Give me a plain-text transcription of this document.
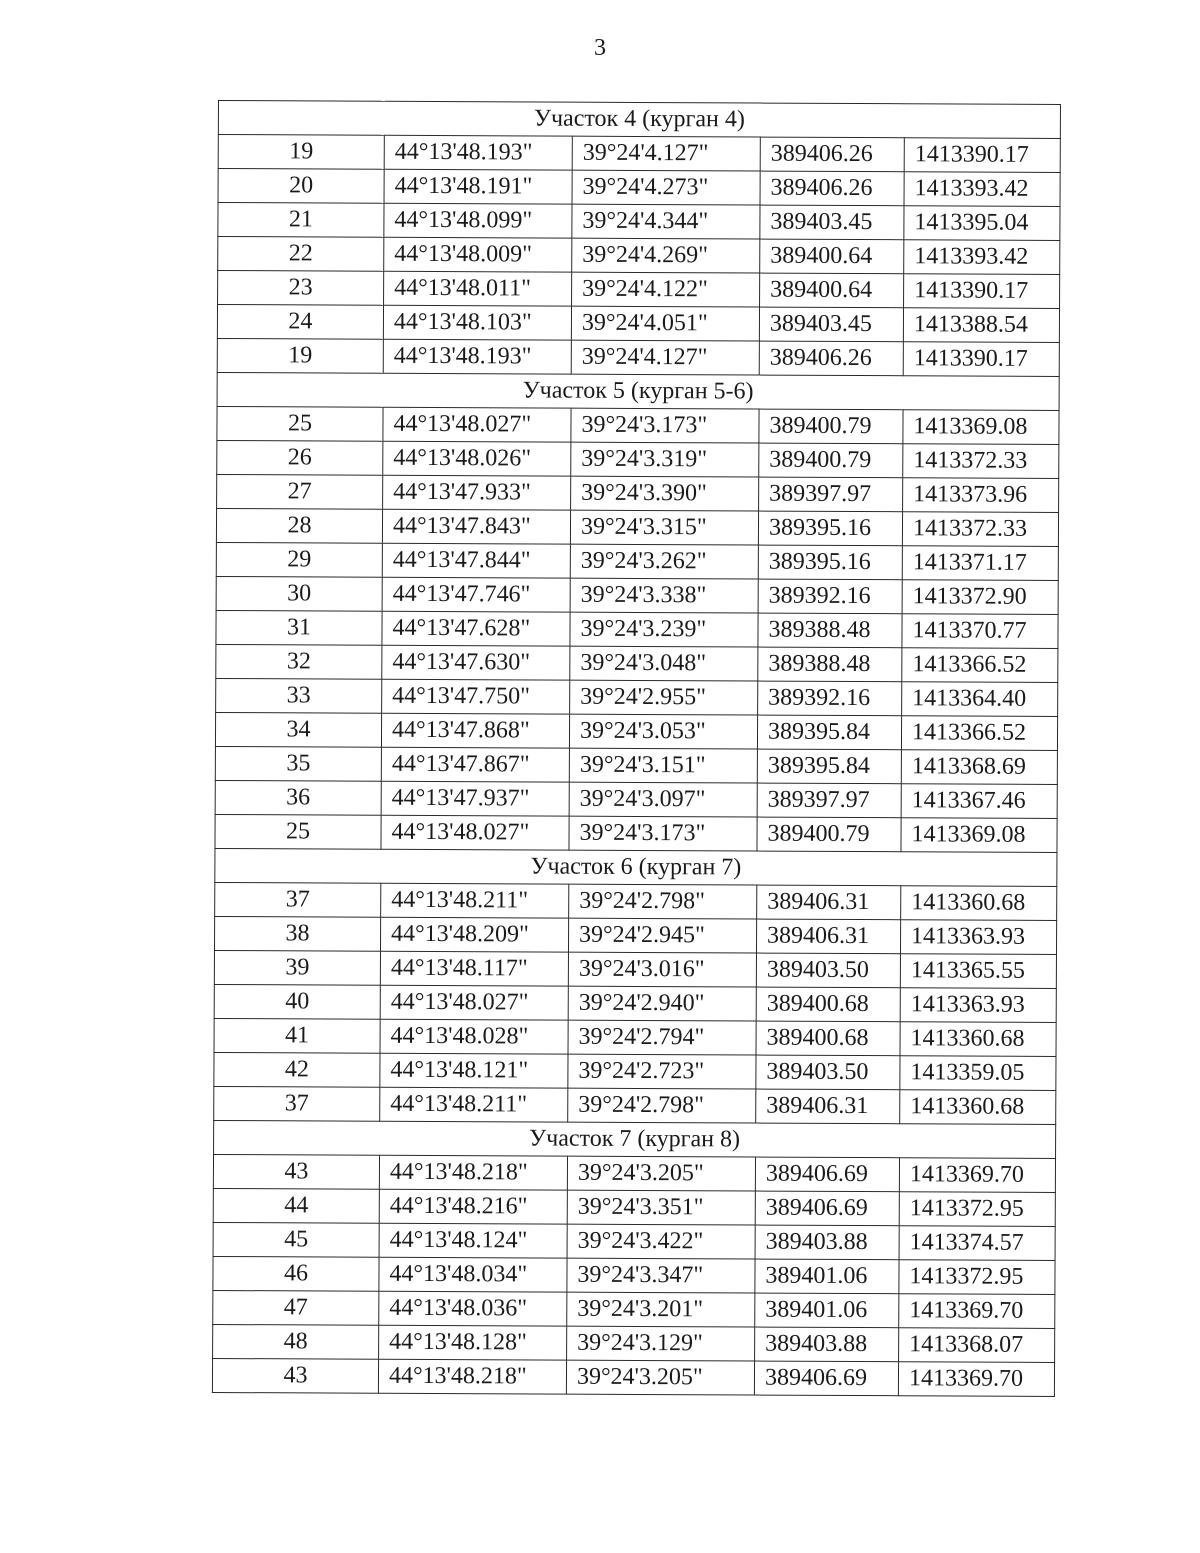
3
Участок 4 (курган 4)				
19	44°13'48.193"	39°24'4.127"	389406.26	1413390.17
20	44°13'48.191"	39°24'4.273"	389406.26	1413393.42
21	44°13'48.099"	39°24'4.344"	389403.45	1413395.04
22	44°13'48.009"	39°24'4.269"	389400.64	1413393.42
23	44°13'48.011"	39°24'4.122"	389400.64	1413390.17
24	44°13'48.103"	39°24'4.051"	389403.45	1413388.54
19	44°13'48.193"	39°24'4.127"	389406.26	1413390.17
Участок 5 (курган 5-6)				
25	44°13'48.027"	39°24'3.173"	389400.79	1413369.08
26	44°13'48.026"	39°24'3.319"	389400.79	1413372.33
27	44°13'47.933"	39°24'3.390"	389397.97	1413373.96
28	44°13'47.843"	39°24'3.315"	389395.16	1413372.33
29	44°13'47.844"	39°24'3.262"	389395.16	1413371.17
30	44°13'47.746"	39°24'3.338"	389392.16	1413372.90
31	44°13'47.628"	39°24'3.239"	389388.48	1413370.77
32	44°13'47.630"	39°24'3.048"	389388.48	1413366.52
33	44°13'47.750"	39°24'2.955"	389392.16	1413364.40
34	44°13'47.868"	39°24'3.053"	389395.84	1413366.52
35	44°13'47.867"	39°24'3.151"	389395.84	1413368.69
36	44°13'47.937"	39°24'3.097"	389397.97	1413367.46
25	44°13'48.027"	39°24'3.173"	389400.79	1413369.08
Участок 6 (курган 7)				
37	44°13'48.211"	39°24'2.798"	389406.31	1413360.68
38	44°13'48.209"	39°24'2.945"	389406.31	1413363.93
39	44°13'48.117"	39°24'3.016"	389403.50	1413365.55
40	44°13'48.027"	39°24'2.940"	389400.68	1413363.93
41	44°13'48.028"	39°24'2.794"	389400.68	1413360.68
42	44°13'48.121"	39°24'2.723"	389403.50	1413359.05
37	44°13'48.211"	39°24'2.798"	389406.31	1413360.68
Участок 7 (курган 8)				
43	44°13'48.218"	39°24'3.205"	389406.69	1413369.70
44	44°13'48.216"	39°24'3.351"	389406.69	1413372.95
45	44°13'48.124"	39°24'3.422"	389403.88	1413374.57
46	44°13'48.034"	39°24'3.347"	389401.06	1413372.95
47	44°13'48.036"	39°24'3.201"	389401.06	1413369.70
48	44°13'48.128"	39°24'3.129"	389403.88	1413368.07
43	44°13'48.218"	39°24'3.205"	389406.69	1413369.70
